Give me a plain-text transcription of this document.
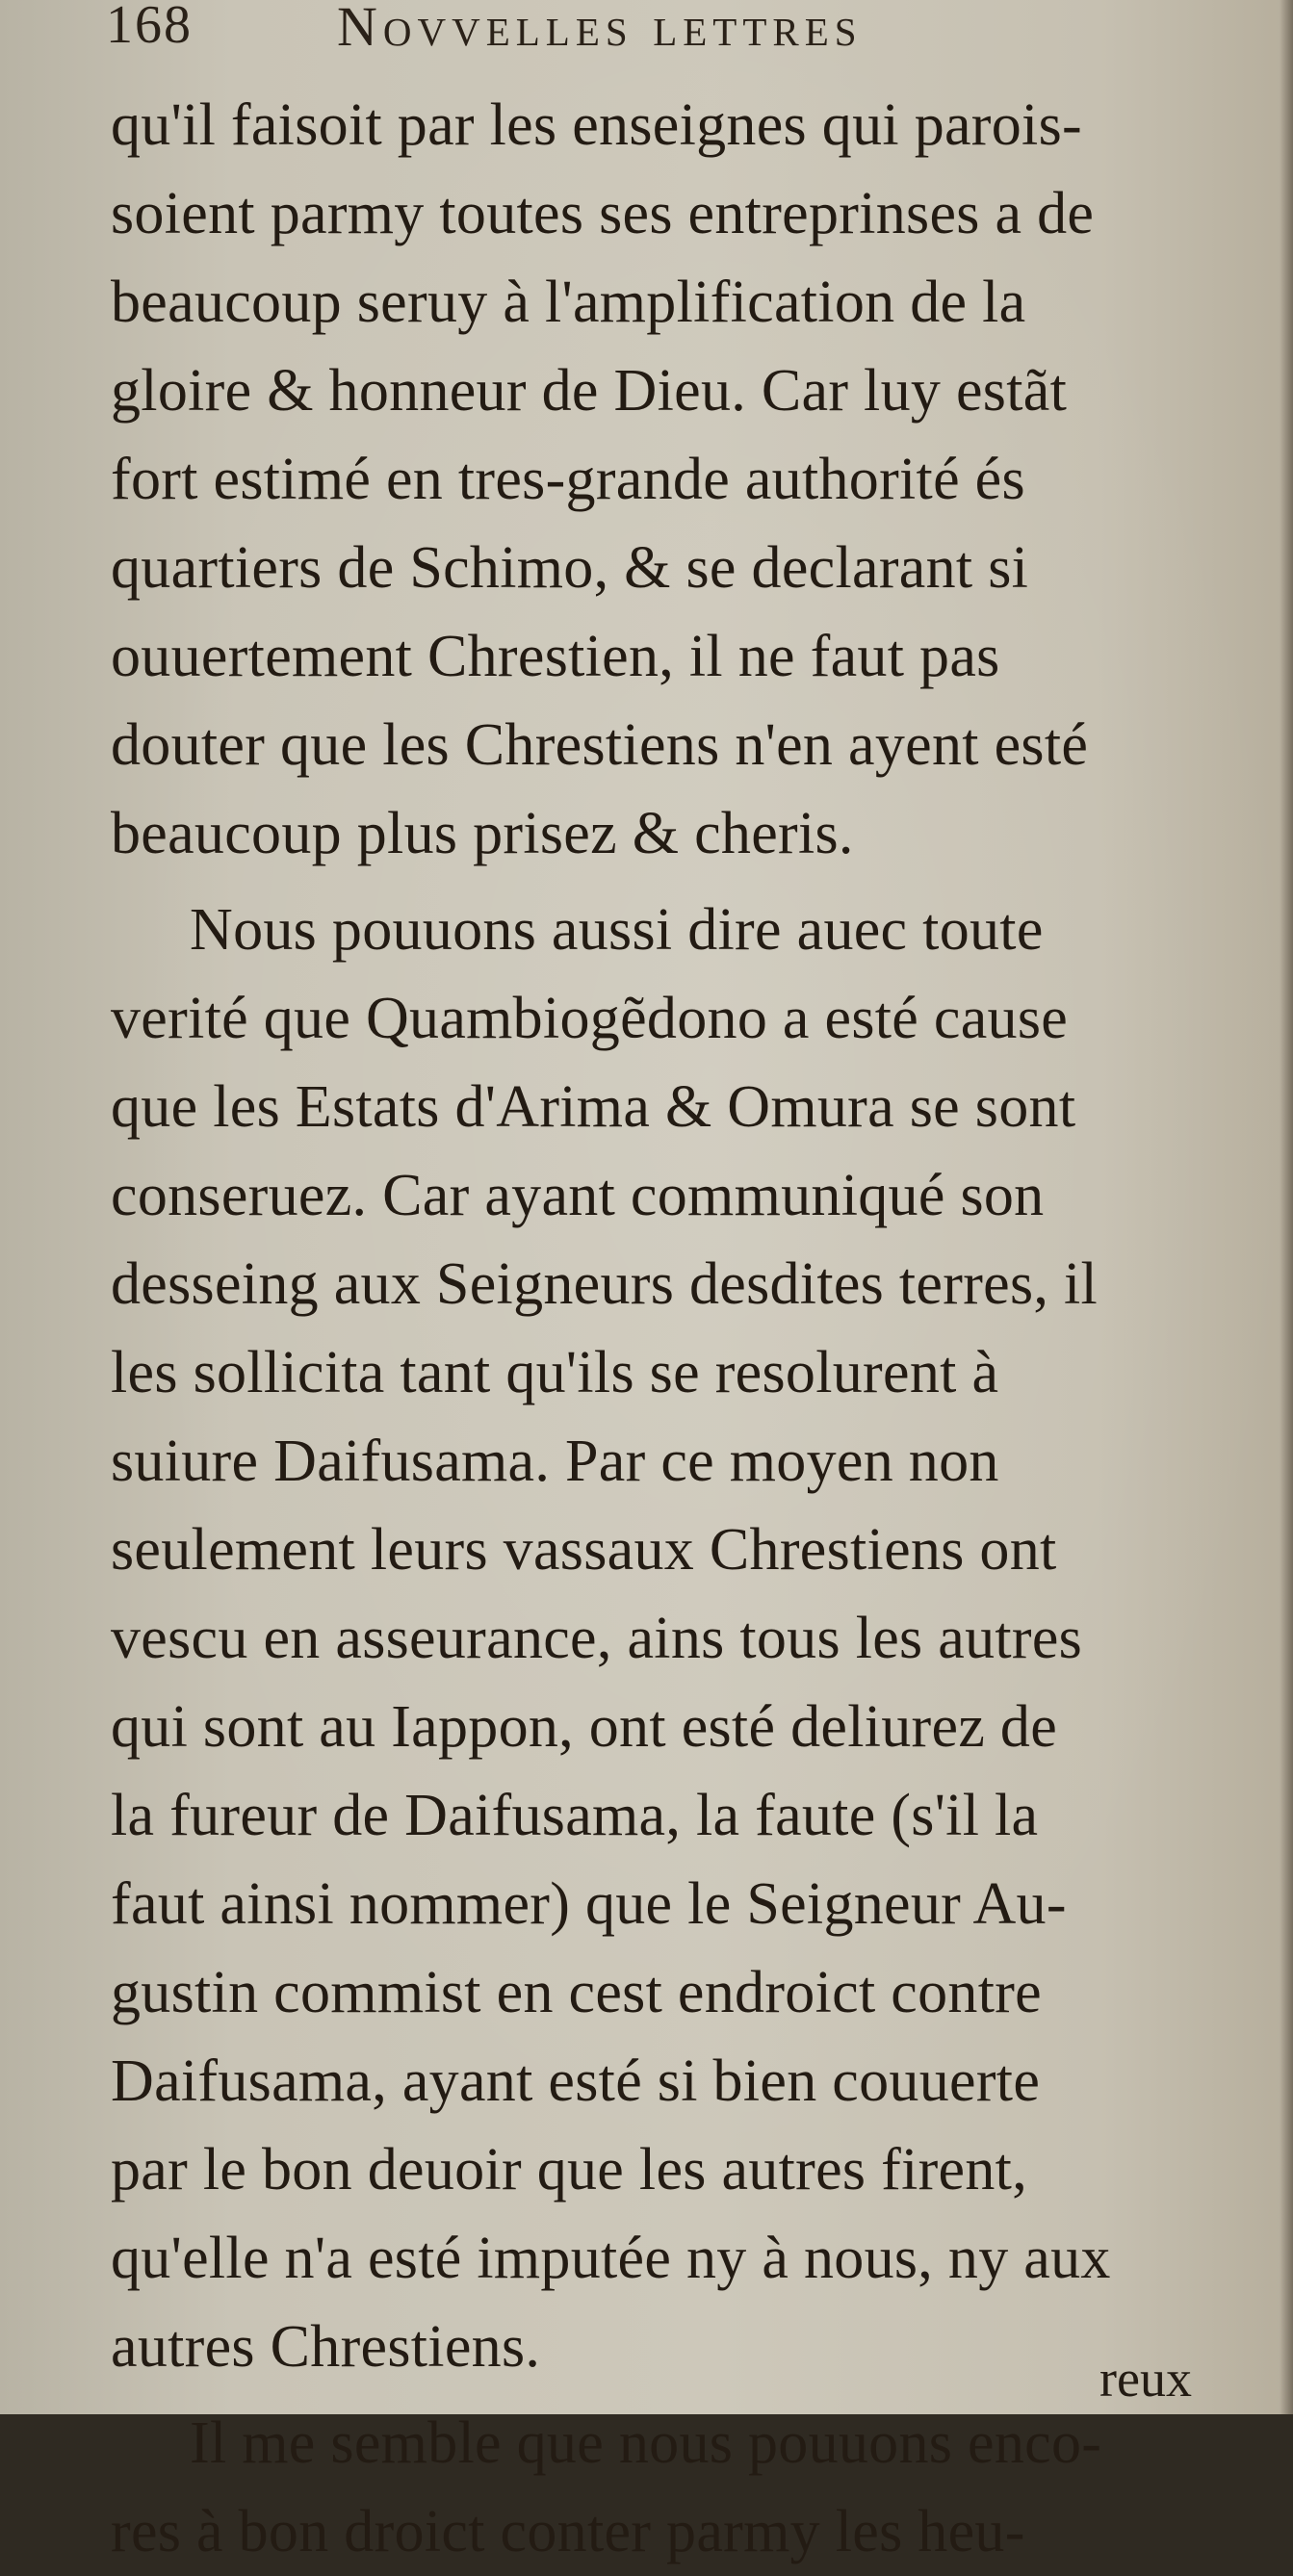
168	Novvelles lettres
qu'il faisoit par les enseignes qui parois-
soient parmy toutes ses entreprinses a de
beaucoup seruy à l'amplification de la
gloire & honneur de Dieu. Car luy estãt
fort estimé en tres-grande authorité és
quartiers de Schimo, & se declarant si
ouuertement Chrestien, il ne faut pas
douter que les Chrestiens n'en ayent esté
beaucoup plus prisez & cheris.
Nous pouuons aussi dire auec toute
verité que Quambiogẽdono a esté cause
que les Estats d'Arima & Omura se sont
conseruez. Car ayant communiqué son
desseing aux Seigneurs desdites terres, il
les sollicita tant qu'ils se resolurent à
suiure Daifusama. Par ce moyen non
seulement leurs vassaux Chrestiens ont
vescu en asseurance, ains tous les autres
qui sont au Iappon, ont esté deliurez de
la fureur de Daifusama, la faute (s'il la
faut ainsi nommer) que le Seigneur Au-
gustin commist en cest endroict contre
Daifusama, ayant esté si bien couuerte
par le bon deuoir que les autres firent,
qu'elle n'a esté imputée ny à nous, ny aux
autres Chrestiens.
Il me semble que nous pouuons enco-
res à bon droict conter parmy les heu-
reux
